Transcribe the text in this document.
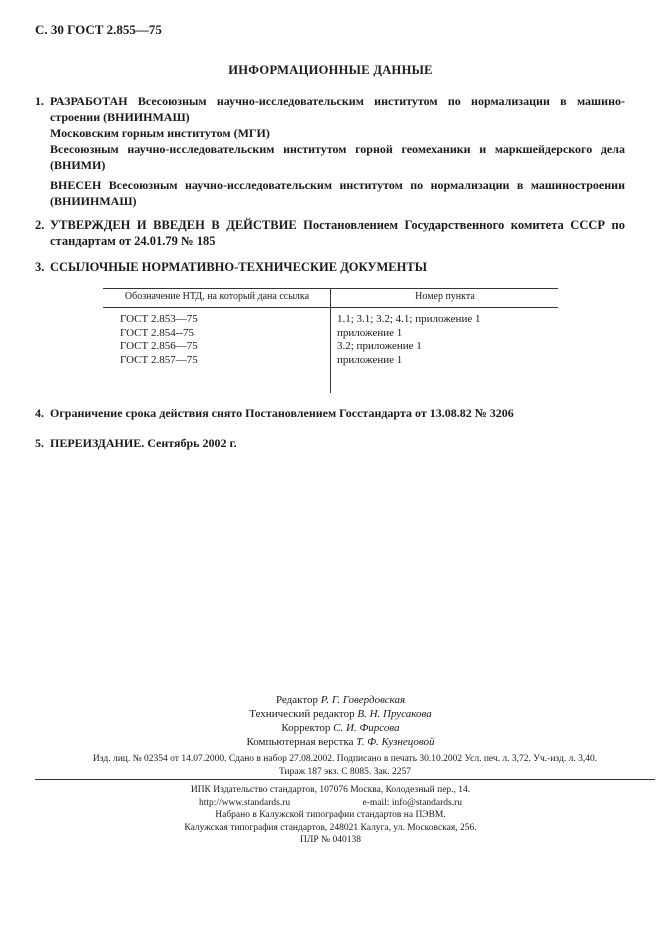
С. 30 ГОСТ 2.855—75
ИНФОРМАЦИОННЫЕ ДАННЫЕ
1. РАЗРАБОТАН Всесоюзным научно-исследовательским институтом по нормализации в машино-
строении (ВНИИНМАШ)
Московским горным институтом (МГИ)
Всесоюзным научно-исследовательским институтом горной геомеханики и маркшейдерского дела
(ВНИМИ)
ВНЕСЕН Всесоюзным научно-исследовательским институтом по нормализации в машиностроении
(ВНИИНМАШ)
2. УТВЕРЖДЕН И ВВЕДЕН В ДЕЙСТВИЕ Постановлением Государственного комитета СССР по
стандартам от 24.01.79 № 185
3. ССЫЛОЧНЫЕ НОРМАТИВНО-ТЕХНИЧЕСКИЕ ДОКУМЕНТЫ
Обозначение НТД, на который дана ссылка	Номер пункта
ГОСТ 2.853—75
ГОСТ 2.854--75
ГОСТ 2.856—75
ГОСТ 2.857—75
1.1; 3.1; 3.2; 4.1; приложение 1
приложение 1
3.2; приложение 1
приложение 1
4. Ограничение срока действия снято Постановлением Госстандарта от 13.08.82 № 3206
5. ПЕРЕИЗДАНИЕ. Сентябрь 2002 г.
Редактор Р. Г. Говердовская
Технический редактор В. Н. Прусакова
Корректор С. И. Фирсова
Компьютерная верстка Т. Ф. Кузнецовой
Изд. лиц. № 02354 от 14.07.2000. Сдано в набор 27.08.2002. Подписано в печать 30.10.2002 Усл. печ. л. 3,72. Уч.-изд. л. 3,40.
Тираж 187 экз. С 8085. Зак. 2257
ИПК Издательство стандартов, 107076 Москва, Колодезный пер., 14.
http://www.standards.ru	e-mail: info@standards.ru
Набрано в Калужской типографии стандартов на ПЭВМ.
Калужская типография стандартов, 248021 Калуга, ул. Московская, 256.
ПЛР № 040138
